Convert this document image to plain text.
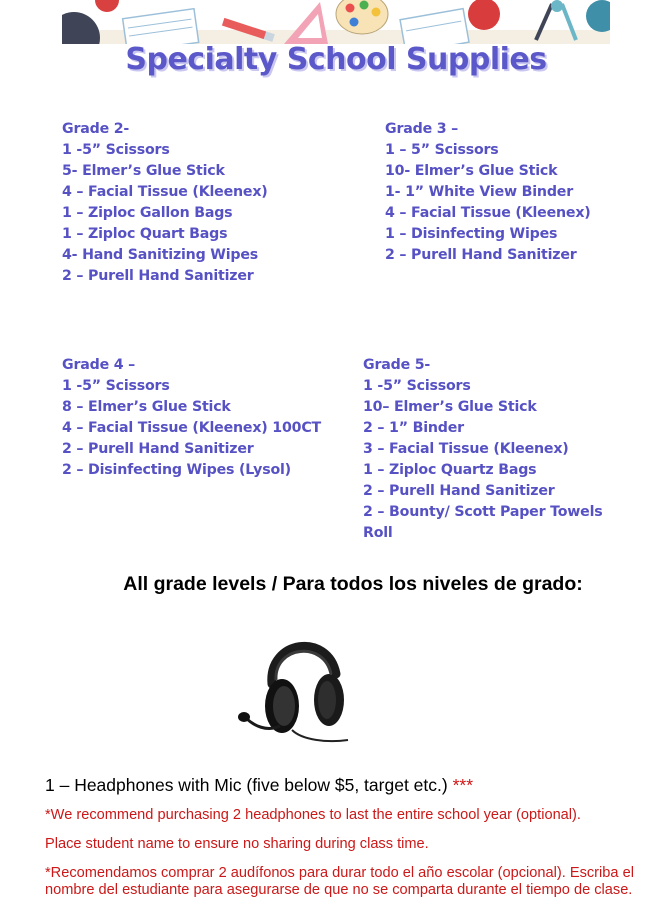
Specialty School Supplies
Grade 2-
1 -5” Scissors
5- Elmer’s Glue Stick
4 – Facial Tissue (Kleenex)
1 – Ziploc Gallon Bags
1 – Ziploc Quart Bags
4- Hand Sanitizing Wipes
2 – Purell Hand Sanitizer
Grade 3 –
1 – 5” Scissors
10- Elmer’s Glue Stick
1- 1” White View Binder
4 – Facial Tissue (Kleenex)
1 – Disinfecting Wipes
2 – Purell Hand Sanitizer
Grade 4 –
1 -5” Scissors
8 – Elmer’s Glue Stick
4 – Facial Tissue (Kleenex) 100CT
2 – Purell Hand Sanitizer
2 – Disinfecting Wipes (Lysol)
Grade 5-
1 -5” Scissors
10– Elmer’s Glue Stick
2 – 1” Binder
3 – Facial Tissue (Kleenex)
1 – Ziploc Quartz Bags
2 – Purell Hand Sanitizer
2 – Bounty/ Scott Paper Towels Roll
All grade levels / Para todos los niveles de grado:
1 – Headphones with Mic (five below $5, target etc.) ***
*We recommend purchasing 2 headphones to last the entire school year (optional).
Place student name to ensure no sharing during class time.
*Recomendamos comprar 2 audífonos para durar todo el año escolar (opcional). Escriba el nombre del estudiante para asegurarse de que no se comparta durante el tiempo de clase.
